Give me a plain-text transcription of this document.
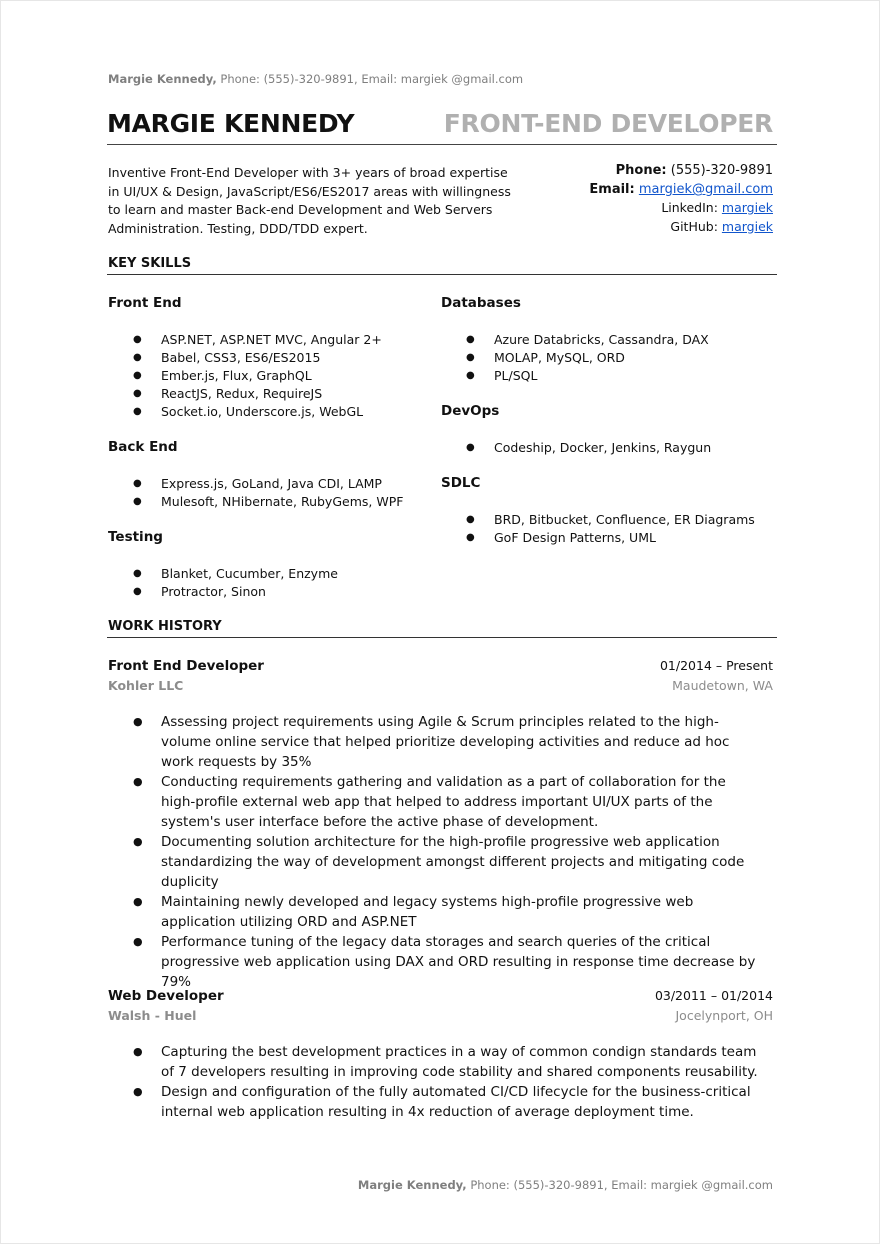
Margie Kennedy, Phone: (555)-320-9891, Email: margiek @gmail.com
MARGIE KENNEDY	FRONT-END DEVELOPER
Inventive Front-End Developer with 3+ years of broad expertise in UI/UX & Design, JavaScript/ES6/ES2017 areas with willingness to learn and master Back-end Development and Web Servers Administration. Testing, DDD/TDD expert.
Phone: (555)-320-9891
Email: margiek@gmail.com
LinkedIn: margiek
GitHub: margiek
KEY SKILLS
Front End
● ASP.NET, ASP.NET MVC, Angular 2+
● Babel, CSS3, ES6/ES2015
● Ember.js, Flux, GraphQL
● ReactJS, Redux, RequireJS
● Socket.io, Underscore.js, WebGL
Back End
● Express.js, GoLand, Java CDI, LAMP
● Mulesoft, NHibernate, RubyGems, WPF
Testing
● Blanket, Cucumber, Enzyme
● Protractor, Sinon
Databases
● Azure Databricks, Cassandra, DAX
● MOLAP, MySQL, ORD
● PL/SQL
DevOps
● Codeship, Docker, Jenkins, Raygun
SDLC
● BRD, Bitbucket, Confluence, ER Diagrams
● GoF Design Patterns, UML
WORK HISTORY
Front End Developer	01/2014 – Present
Kohler LLC	Maudetown, WA
● Assessing project requirements using Agile & Scrum principles related to the high-volume online service that helped prioritize developing activities and reduce ad hoc work requests by 35%
● Conducting requirements gathering and validation as a part of collaboration for the high-profile external web app that helped to address important UI/UX parts of the system's user interface before the active phase of development.
● Documenting solution architecture for the high-profile progressive web application standardizing the way of development amongst different projects and mitigating code duplicity
● Maintaining newly developed and legacy systems high-profile progressive web application utilizing ORD and ASP.NET
● Performance tuning of the legacy data storages and search queries of the critical progressive web application using DAX and ORD resulting in response time decrease by 79%
Web Developer	03/2011 – 01/2014
Walsh - Huel	Jocelynport, OH
● Capturing the best development practices in a way of common condign standards team of 7 developers resulting in improving code stability and shared components reusability.
● Design and configuration of the fully automated CI/CD lifecycle for the business-critical internal web application resulting in 4x reduction of average deployment time.
Margie Kennedy, Phone: (555)-320-9891, Email: margiek @gmail.com
